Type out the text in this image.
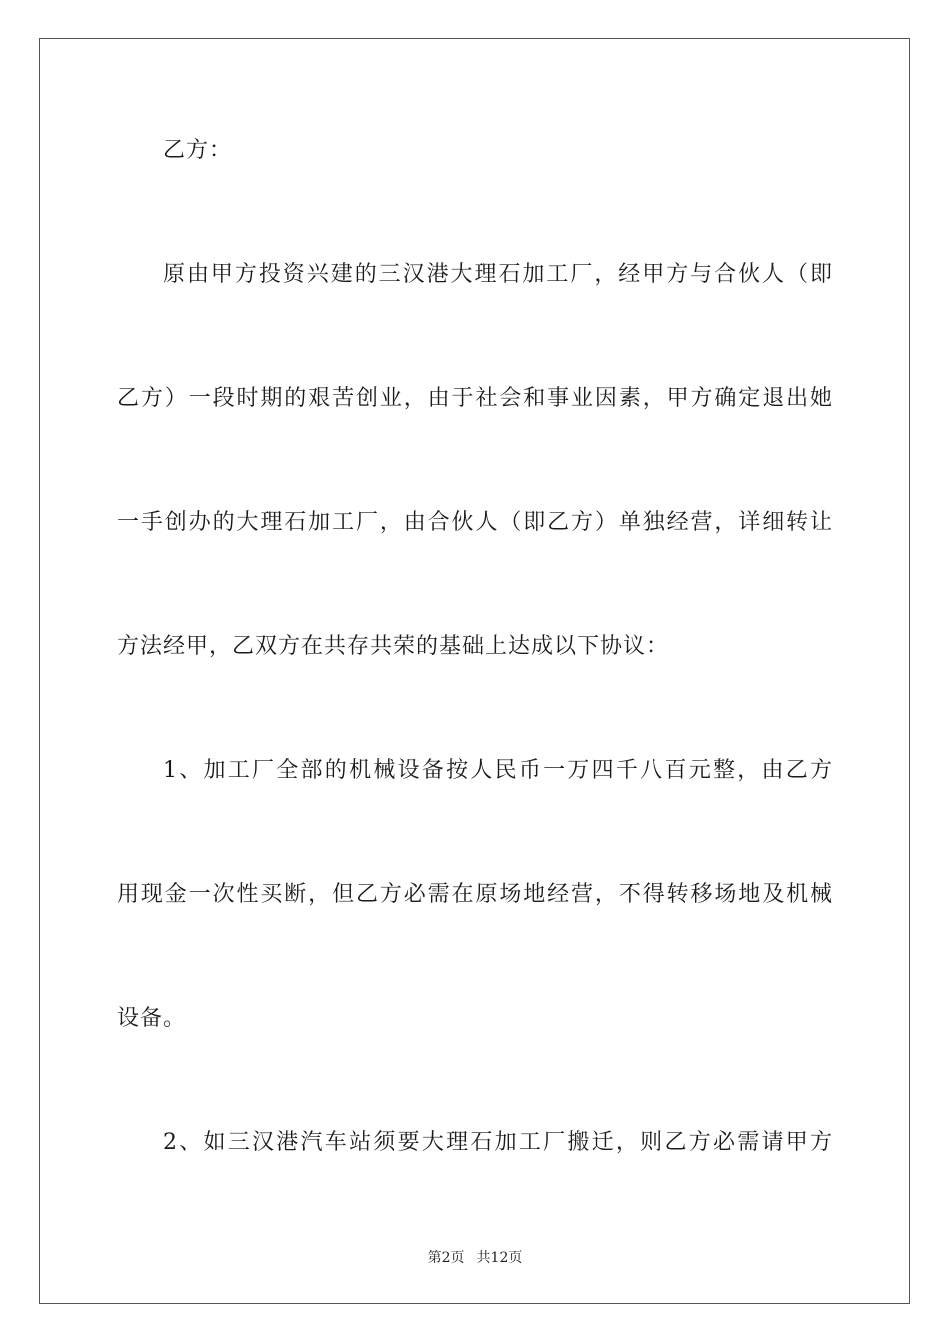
乙方：
原由甲方投资兴建的三汉港大理石加工厂，经甲方与合伙人（即
乙方）一段时期的艰苦创业，由于社会和事业因素，甲方确定退出她
一手创办的大理石加工厂，由合伙人（即乙方）单独经营，详细转让
方法经甲，乙双方在共存共荣的基础上达成以下协议：
1、加工厂全部的机械设备按人民币一万四千八百元整，由乙方
用现金一次性买断，但乙方必需在原场地经营，不得转移场地及机械
设备。
2、如三汉港汽车站须要大理石加工厂搬迁，则乙方必需请甲方
第2页 共12页
